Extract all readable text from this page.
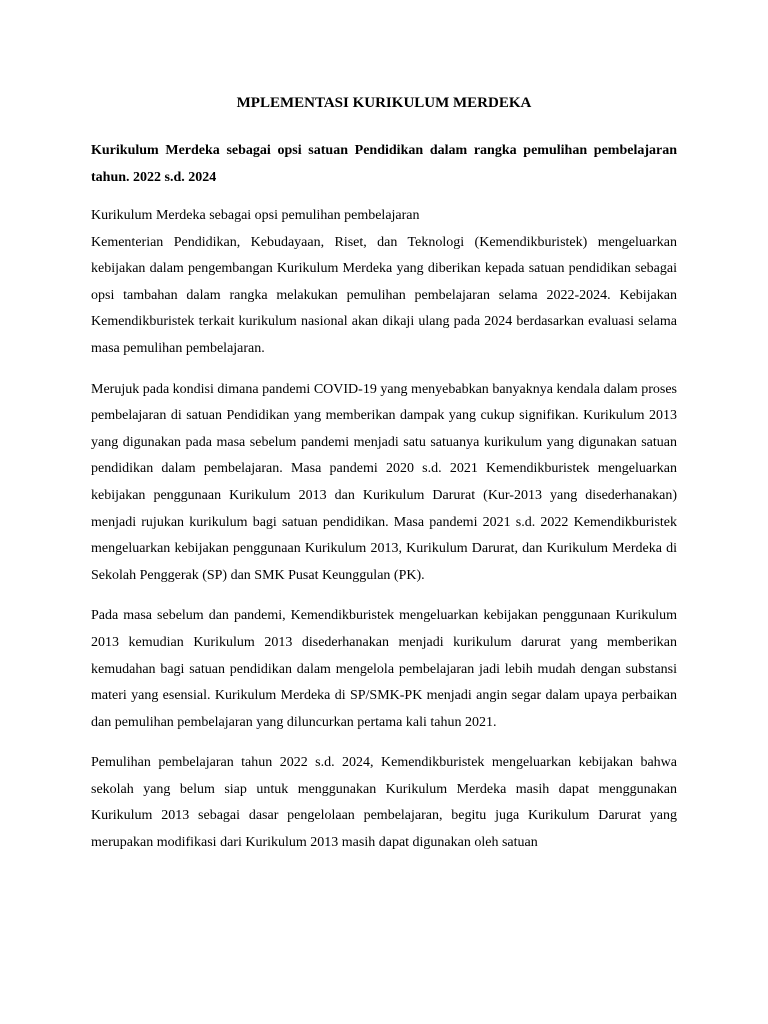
MPLEMENTASI KURIKULUM MERDEKA

Kurikulum Merdeka sebagai opsi satuan Pendidikan dalam rangka pemulihan pembelajaran tahun. 2022 s.d. 2024

Kurikulum Merdeka sebagai opsi pemulihan pembelajaran
Kementerian Pendidikan, Kebudayaan, Riset, dan Teknologi (Kemendikburistek) mengeluarkan kebijakan dalam pengembangan Kurikulum Merdeka yang diberikan kepada satuan pendidikan sebagai opsi tambahan dalam rangka melakukan pemulihan pembelajaran selama 2022-2024. Kebijakan Kemendikburistek terkait kurikulum nasional akan dikaji ulang pada 2024 berdasarkan evaluasi selama masa pemulihan pembelajaran.

Merujuk pada kondisi dimana pandemi COVID-19 yang menyebabkan banyaknya kendala dalam proses pembelajaran di satuan Pendidikan yang memberikan dampak yang cukup signifikan. Kurikulum 2013 yang digunakan pada masa sebelum pandemi menjadi satu satuanya kurikulum yang digunakan satuan pendidikan dalam pembelajaran. Masa pandemi 2020 s.d. 2021 Kemendikburistek mengeluarkan kebijakan penggunaan Kurikulum 2013 dan Kurikulum Darurat (Kur-2013 yang disederhanakan) menjadi rujukan kurikulum bagi satuan pendidikan. Masa pandemi 2021 s.d. 2022 Kemendikburistek mengeluarkan kebijakan penggunaan Kurikulum 2013, Kurikulum Darurat, dan Kurikulum Merdeka di Sekolah Penggerak (SP) dan SMK Pusat Keunggulan (PK).

Pada masa sebelum dan pandemi, Kemendikburistek mengeluarkan kebijakan penggunaan Kurikulum 2013 kemudian Kurikulum 2013 disederhanakan menjadi kurikulum darurat yang memberikan kemudahan bagi satuan pendidikan dalam mengelola pembelajaran jadi lebih mudah dengan substansi materi yang esensial. Kurikulum Merdeka di SP/SMK-PK menjadi angin segar dalam upaya perbaikan dan pemulihan pembelajaran yang diluncurkan pertama kali tahun 2021.

Pemulihan pembelajaran tahun 2022 s.d. 2024, Kemendikburistek mengeluarkan kebijakan bahwa sekolah yang belum siap untuk menggunakan Kurikulum Merdeka masih dapat menggunakan Kurikulum 2013 sebagai dasar pengelolaan pembelajaran, begitu juga Kurikulum Darurat yang merupakan modifikasi dari Kurikulum 2013 masih dapat digunakan oleh satuan
